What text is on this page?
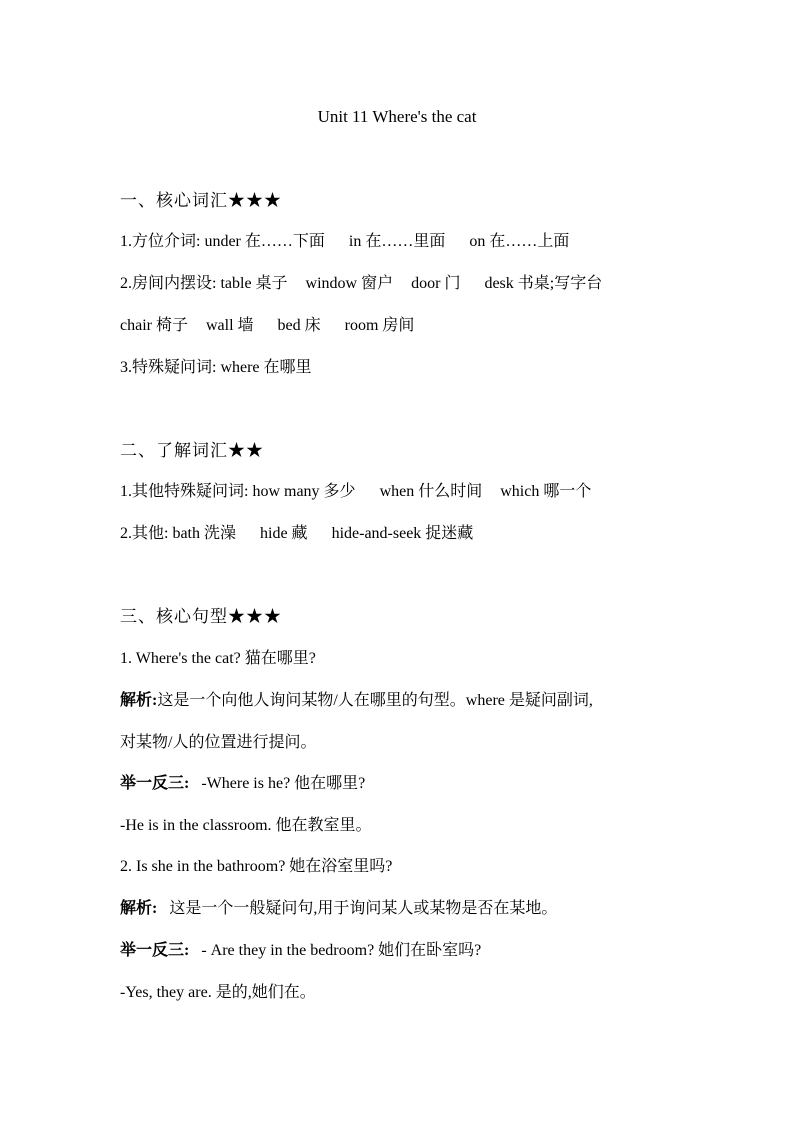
Unit 11 Where's the cat
一、核心词汇★★★
1.方位介词: under 在……下面 in 在……里面 on 在……上面
2.房间内摆设: table 桌子 window 窗户 door 门 desk 书桌;写字台
chair 椅子 wall 墙 bed 床 room 房间
3.特殊疑问词: where 在哪里
二、了解词汇★★
1.其他特殊疑问词: how many 多少 when 什么时间 which 哪一个
2.其他: bath 洗澡 hide 藏 hide-and-seek 捉迷藏
三、核心句型★★★
1. Where's the cat? 猫在哪里?
解析:这是一个向他人询问某物/人在哪里的句型。where 是疑问副词,
对某物/人的位置进行提问。
举一反三: -Where is he? 他在哪里?
-He is in the classroom. 他在教室里。
2. Is she in the bathroom? 她在浴室里吗?
解析: 这是一个一般疑问句,用于询问某人或某物是否在某地。
举一反三: - Are they in the bedroom? 她们在卧室吗?
-Yes, they are. 是的,她们在。
